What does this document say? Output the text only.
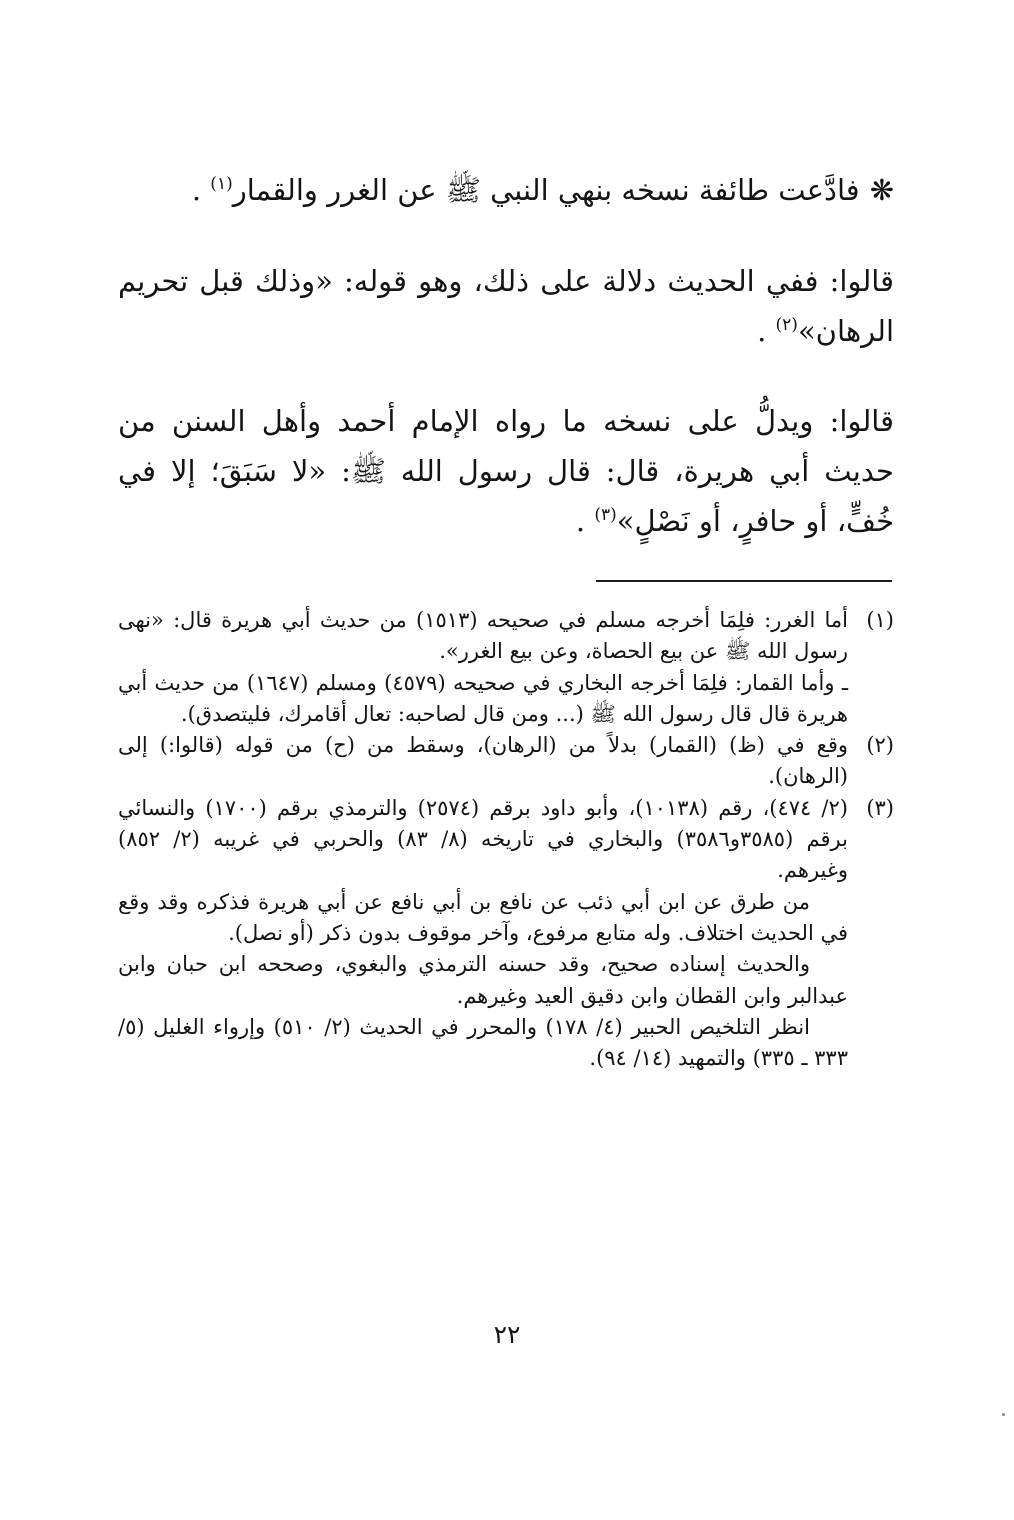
❋فادَّعت طائفة نسخه بنهي النبي ﷺ عن الغرر والقمار$^{(١)}$ .

قالوا: ففي الحديث دلالة على ذلك، وهو قوله: «وذلك قبل تحريم الرهان»$^{(٢)}$ .

قالوا: ويدلُّ على نسخه ما رواه الإمام أحمد وأهل السنن من حديث أبي هريرة، قال: قال رسول الله ﷺ: «لا سَبَقَ؛ إلا في خُفٍّ، أو حافرٍ، أو نَصْلٍ»$^{(٣)}$ .

(١)

أما الغرر: فلِمَا أخرجه مسلم في صحيحه (١٥١٣) من حديث أبي هريرة قال: «نهى رسول الله ﷺ عن بيع الحصاة، وعن بيع الغرر».

ـ وأما القمار: فلِمَا أخرجه البخاري في صحيحه (٤٥٧٩) ومسلم (١٦٤٧) من حديث أبي هريرة قال قال رسول الله ﷺ (... ومن قال لصاحبه: تعال أقامرك، فليتصدق).

(٢)

وقع في (ظ) (القمار) بدلاً من (الرهان)، وسقط من (ح) من قوله (قالوا:) إلى (الرهان).

(٣)

(٢/ ٤٧٤)، رقم (١٠١٣٨)، وأبو داود برقم (٢٥٧٤) والترمذي برقم (١٧٠٠) والنسائي برقم (٣٥٨٥و٣٥٨٦) والبخاري في تاريخه (٨/ ٨٣) والحربي في غريبه (٢/ ٨٥٢) وغيرهم.

من طرق عن ابن أبي ذئب عن نافع بن أبي نافع عن أبي هريرة فذكره وقد وقع في الحديث اختلاف. وله متابع مرفوع، وآخر موقوف بدون ذكر (أو نصل).

والحديث إسناده صحيح، وقد حسنه الترمذي والبغوي، وصححه ابن حبان وابن عبدالبر وابن القطان وابن دقيق العيد وغيرهم.

انظر التلخيص الحبير (٤/ ١٧٨) والمحرر في الحديث (٢/ ٥١٠) وإرواء الغليل (٥/ ٣٣٣ ـ ٣٣٥) والتمهيد (١٤/ ٩٤).

٢٢
